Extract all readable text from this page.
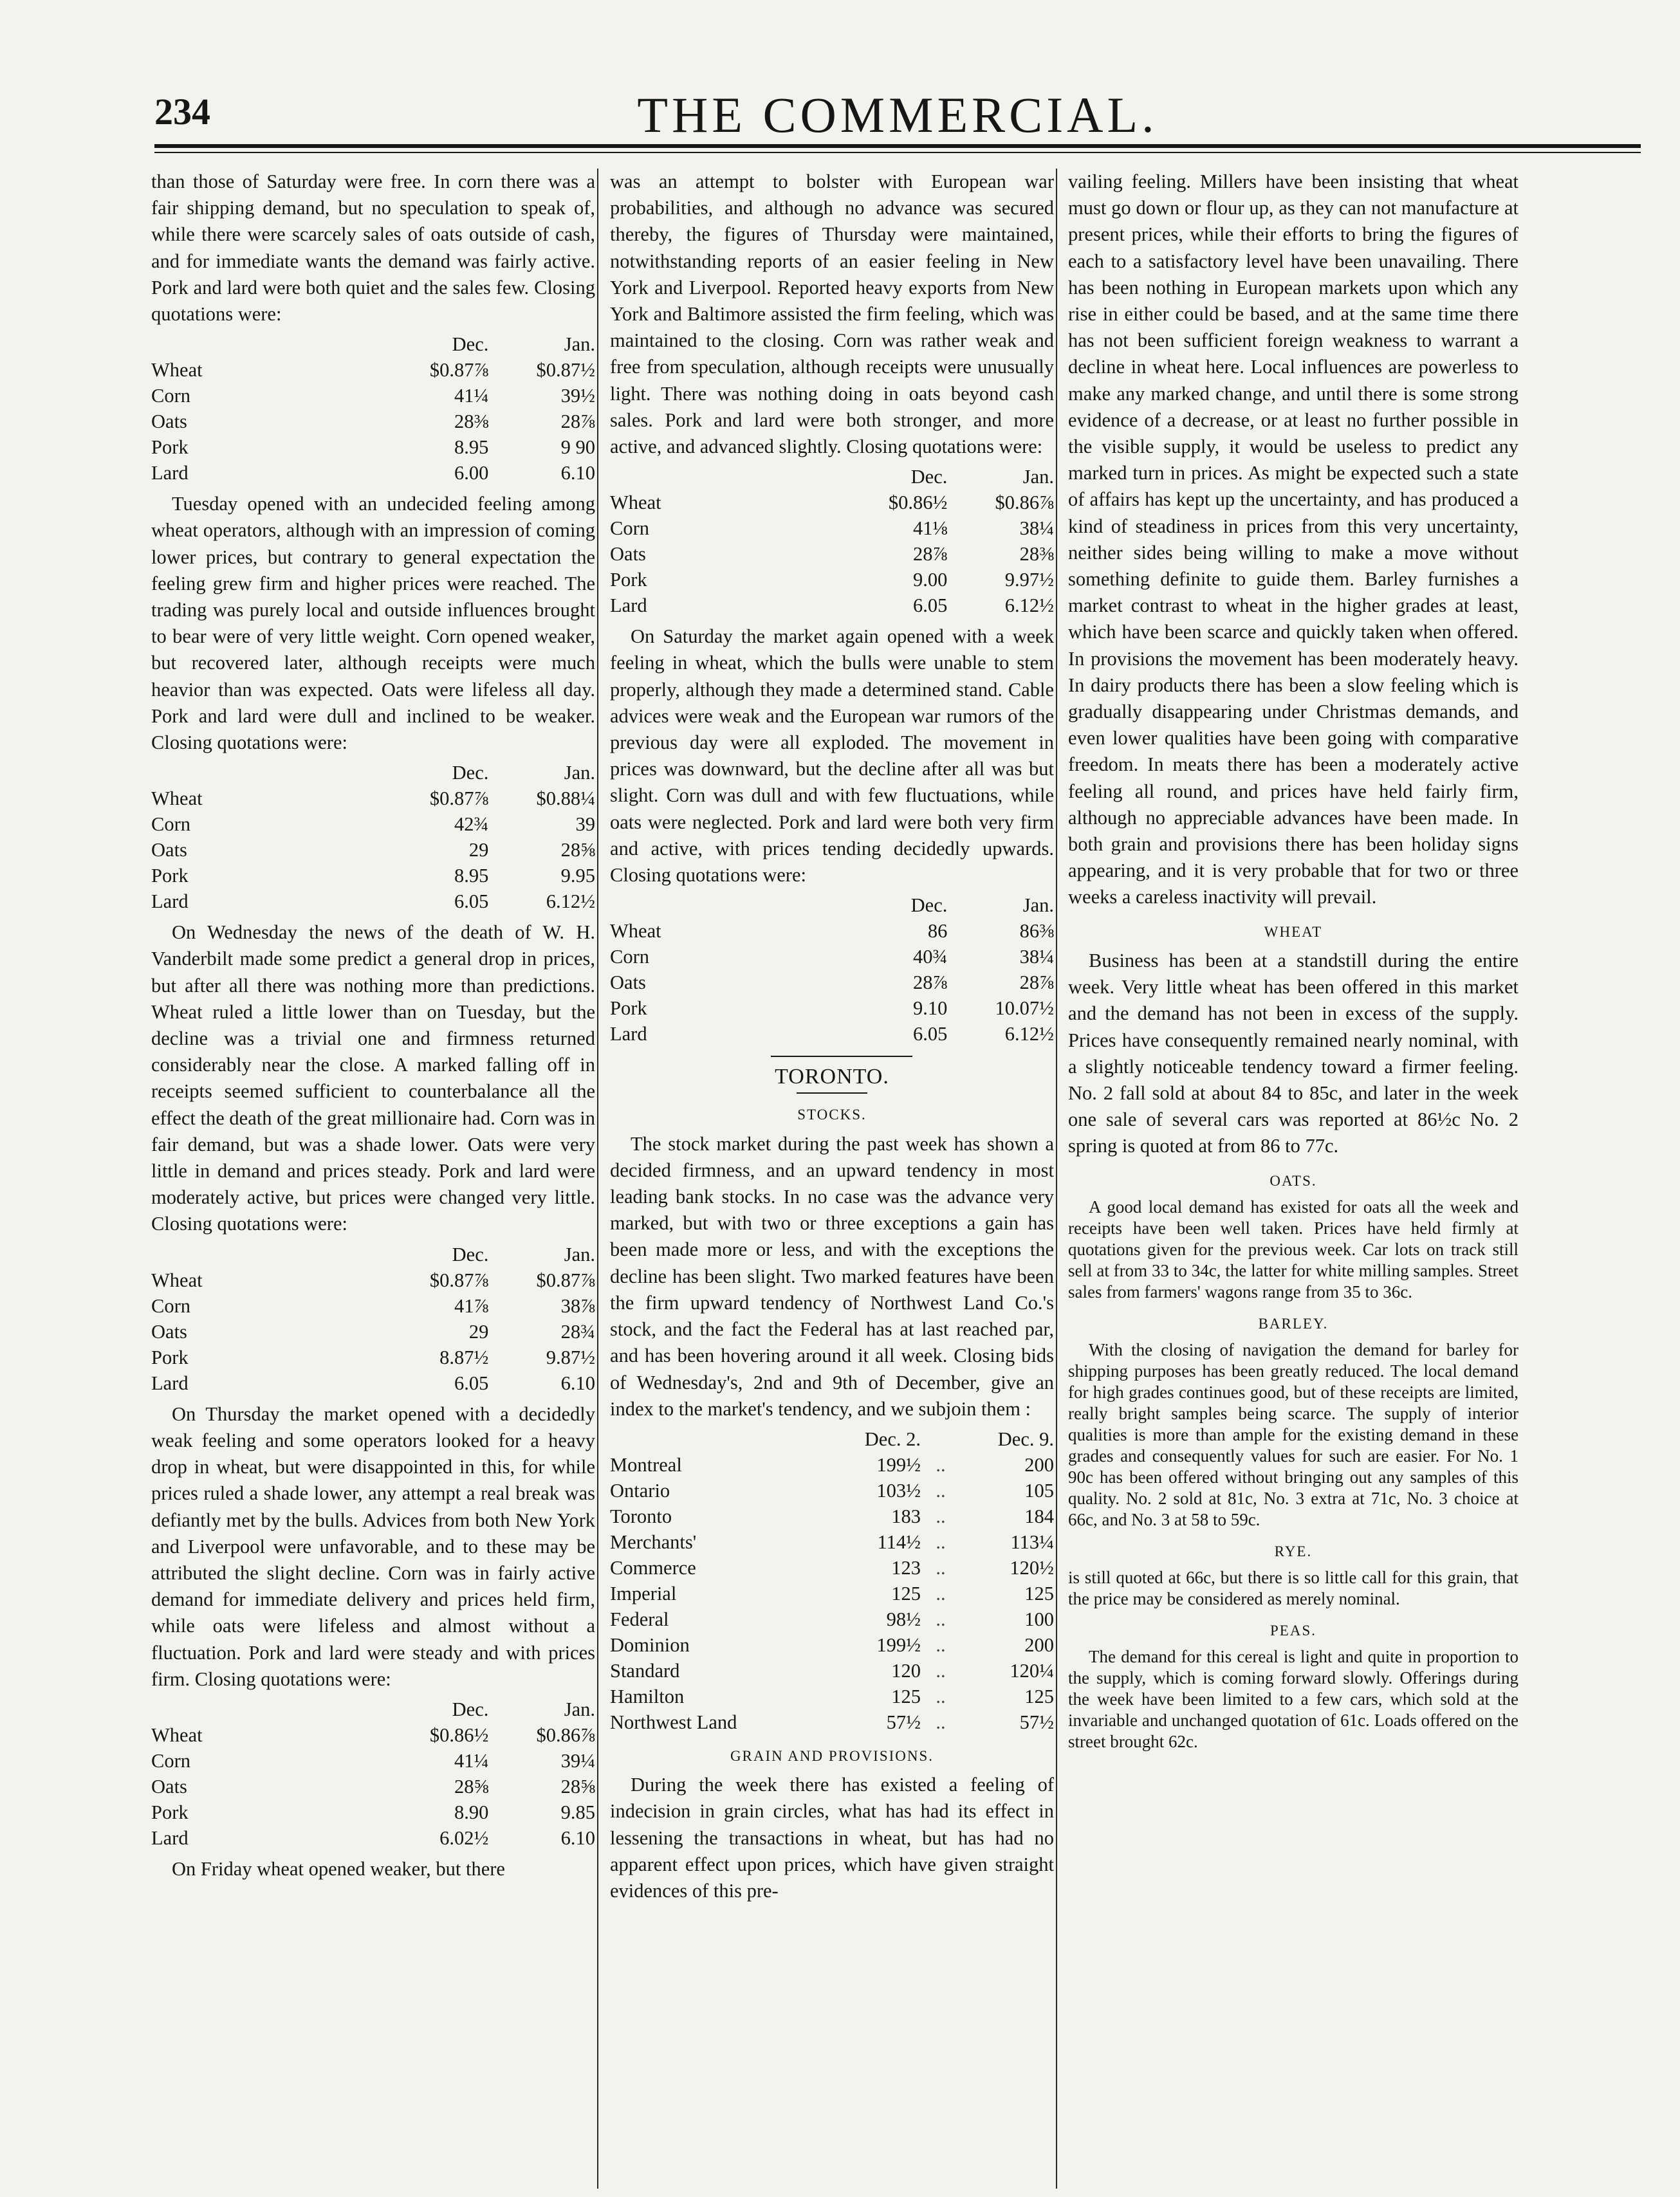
234	THE COMMERCIAL.

than those of Saturday were free. In corn there was a fair shipping demand, but no speculation to speak of, while there were scarcely sales of oats outside of cash, and for immediate wants the demand was fairly active. Pork and lard were both quiet and the sales few. Closing quotations were:

	Dec.	Jan.
Wheat	$0.87⅞	$0.87½
Corn	41¼	39½
Oats	28⅜	28⅞
Pork	8.95	9 90
Lard	6.00	6.10

Tuesday opened with an undecided feeling among wheat operators, although with an impression of coming lower prices, but contrary to general expectation the feeling grew firm and higher prices were reached. The trading was purely local and outside influences brought to bear were of very little weight. Corn opened weaker, but recovered later, although receipts were much heavior than was expected. Oats were lifeless all day. Pork and lard were dull and inclined to be weaker. Closing quotations were:

	Dec.	Jan.
Wheat	$0.87⅞	$0.88¼
Corn	42¾	39
Oats	29	28⅝
Pork	8.95	9.95
Lard	6.05	6.12½

On Wednesday the news of the death of W. H. Vanderbilt made some predict a general drop in prices, but after all there was nothing more than predictions. Wheat ruled a little lower than on Tuesday, but the decline was a trivial one and firmness returned considerably near the close. A marked falling off in receipts seemed sufficient to counterbalance all the effect the death of the great millionaire had. Corn was in fair demand, but was a shade lower. Oats were very little in demand and prices steady. Pork and lard were moderately active, but prices were changed very little. Closing quotations were:

	Dec.	Jan.
Wheat	$0.87⅞	$0.87⅞
Corn	41⅞	38⅞
Oats	29	28¾
Pork	8.87½	9.87½
Lard	6.05	6.10

On Thursday the market opened with a decidedly weak feeling and some operators looked for a heavy drop in wheat, but were disappointed in this, for while prices ruled a shade lower, any attempt a real break was defiantly met by the bulls. Advices from both New York and Liverpool were unfavorable, and to these may be attributed the slight decline. Corn was in fairly active demand for immediate delivery and prices held firm, while oats were lifeless and almost without a fluctuation. Pork and lard were steady and with prices firm. Closing quotations were:

	Dec.	Jan.
Wheat	$0.86½	$0.86⅞
Corn	41¼	39¼
Oats	28⅝	28⅝
Pork	8.90	9.85
Lard	6.02½	6.10

On Friday wheat opened weaker, but there

was an attempt to bolster with European war probabilities, and although no advance was secured thereby, the figures of Thursday were maintained, notwithstanding reports of an easier feeling in New York and Liverpool. Reported heavy exports from New York and Baltimore assisted the firm feeling, which was maintained to the closing. Corn was rather weak and free from speculation, although receipts were unusually light. There was nothing doing in oats beyond cash sales. Pork and lard were both stronger, and more active, and advanced slightly. Closing quotations were:

	Dec.	Jan.
Wheat	$0.86½	$0.86⅞
Corn	41⅛	38¼
Oats	28⅞	28⅜
Pork	9.00	9.97½
Lard	6.05	6.12½

On Saturday the market again opened with a week feeling in wheat, which the bulls were unable to stem properly, although they made a determined stand. Cable advices were weak and the European war rumors of the previous day were all exploded. The movement in prices was downward, but the decline after all was but slight. Corn was dull and with few fluctuations, while oats were neglected. Pork and lard were both very firm and active, with prices tending decidedly upwards. Closing quotations were:

	Dec.	Jan.
Wheat	86	86⅜
Corn	40¾	38¼
Oats	28⅞	28⅞
Pork	9.10	10.07½
Lard	6.05	6.12½
TORONTO.
STOCKS.

The stock market during the past week has shown a decided firmness, and an upward tendency in most leading bank stocks. In no case was the advance very marked, but with two or three exceptions a gain has been made more or less, and with the exceptions the decline has been slight. Two marked features have been the firm upward tendency of Northwest Land Co.'s stock, and the fact the Federal has at last reached par, and has been hovering around it all week. Closing bids of Wednesday's, 2nd and 9th of December, give an index to the market's tendency, and we subjoin them :

	Dec. 2.		Dec. 9.
Montreal	199½	..	200
Ontario	103½	..	105
Toronto	183	..	184
Merchants'	114½	..	113¼
Commerce	123	..	120½
Imperial	125	..	125
Federal	98½	..	100
Dominion	199½	..	200
Standard	120	..	120¼
Hamilton	125	..	125
Northwest Land	57½	..	57½
GRAIN AND PROVISIONS.

During the week there has existed a feeling of indecision in grain circles, what has had its effect in lessening the transactions in wheat, but has had no apparent effect upon prices, which have given straight evidences of this pre-

vailing feeling. Millers have been insisting that wheat must go down or flour up, as they can not manufacture at present prices, while their efforts to bring the figures of each to a satisfactory level have been unavailing. There has been nothing in European markets upon which any rise in either could be based, and at the same time there has not been sufficient foreign weakness to warrant a decline in wheat here. Local influences are powerless to make any marked change, and until there is some strong evidence of a decrease, or at least no further possible in the visible supply, it would be useless to predict any marked turn in prices. As might be expected such a state of affairs has kept up the uncertainty, and has produced a kind of steadiness in prices from this very uncertainty, neither sides being willing to make a move without something definite to guide them. Barley furnishes a market contrast to wheat in the higher grades at least, which have been scarce and quickly taken when offered. In provisions the movement has been moderately heavy. In dairy products there has been a slow feeling which is gradually disappearing under Christmas demands, and even lower qualities have been going with comparative freedom. In meats there has been a moderately active feeling all round, and prices have held fairly firm, although no appreciable advances have been made. In both grain and provisions there has been holiday signs appearing, and it is very probable that for two or three weeks a careless inactivity will prevail.

WHEAT

Business has been at a standstill during the entire week. Very little wheat has been offered in this market and the demand has not been in excess of the supply. Prices have consequently remained nearly nominal, with a slightly noticeable tendency toward a firmer feeling. No. 2 fall sold at about 84 to 85c, and later in the week one sale of several cars was reported at 86½c No. 2 spring is quoted at from 86 to 77c.

OATS.

A good local demand has existed for oats all the week and receipts have been well taken. Prices have held firmly at quotations given for the previous week. Car lots on track still sell at from 33 to 34c, the latter for white milling samples. Street sales from farmers' wagons range from 35 to 36c.

BARLEY.

With the closing of navigation the demand for barley for shipping purposes has been greatly reduced. The local demand for high grades continues good, but of these receipts are limited, really bright samples being scarce. The supply of interior qualities is more than ample for the existing demand in these grades and consequently values for such are easier. For No. 1 90c has been offered without bringing out any samples of this quality. No. 2 sold at 81c, No. 3 extra at 71c, No. 3 choice at 66c, and No. 3 at 58 to 59c.

RYE.

is still quoted at 66c, but there is so little call for this grain, that the price may be considered as merely nominal.

PEAS.

The demand for this cereal is light and quite in proportion to the supply, which is coming forward slowly. Offerings during the week have been limited to a few cars, which sold at the invariable and unchanged quotation of 61c. Loads offered on the street brought 62c.
